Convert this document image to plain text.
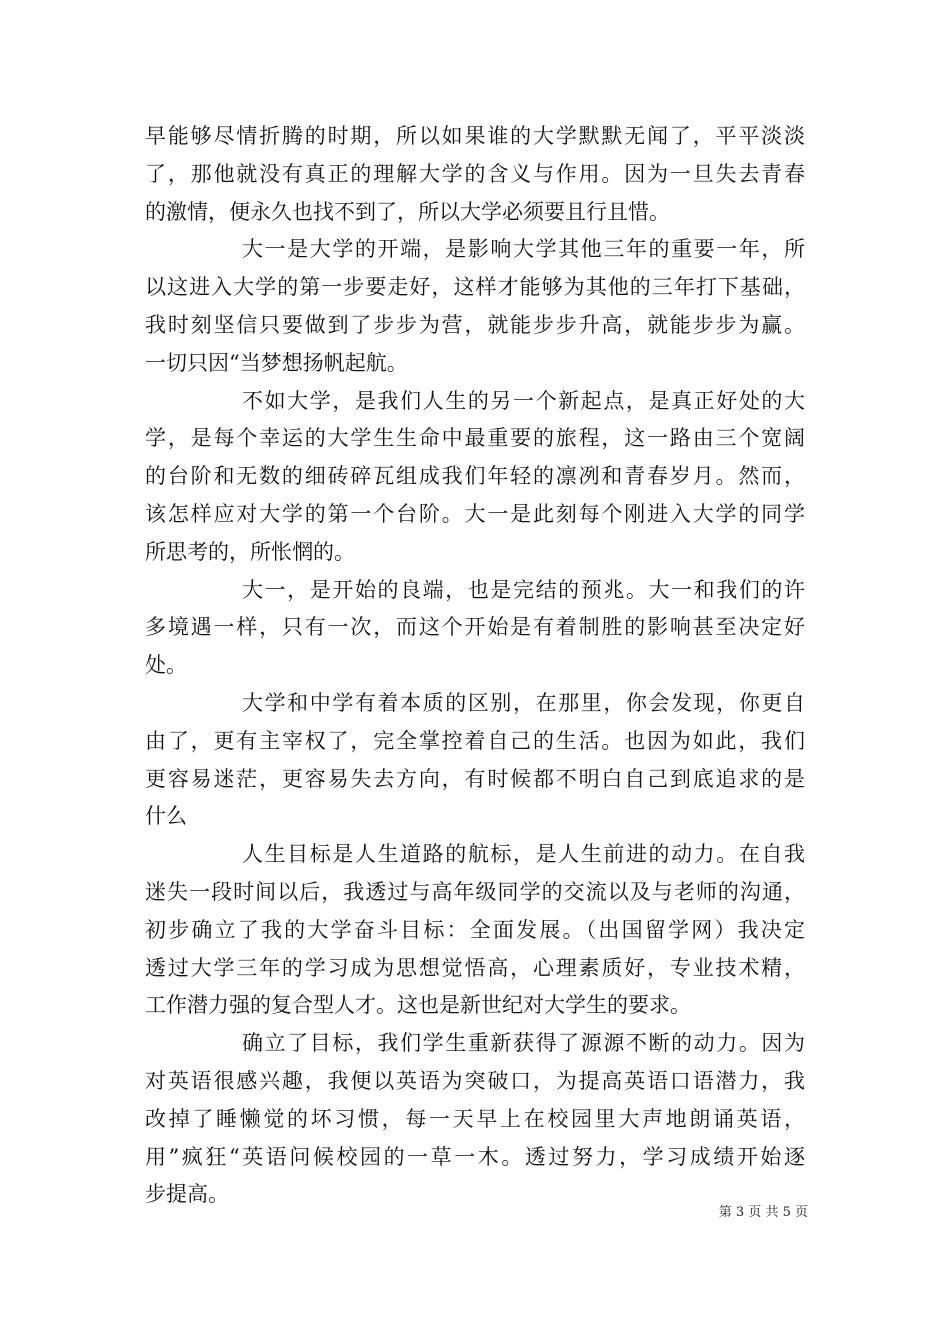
早能够尽情折腾的时期，所以如果谁的大学默默无闻了，平平淡淡
了，那他就没有真正的理解大学的含义与作用。因为一旦失去青春
的激情，便永久也找不到了，所以大学必须要且行且惜。
大一是大学的开端，是影响大学其他三年的重要一年，所
以这进入大学的第一步要走好，这样才能够为其他的三年打下基础，
我时刻坚信只要做到了步步为营，就能步步升高，就能步步为赢。
一切只因“当梦想扬帆起航。
不如大学，是我们人生的另一个新起点，是真正好处的大
学，是每个幸运的大学生生命中最重要的旅程，这一路由三个宽阔
的台阶和无数的细砖碎瓦组成我们年轻的凛冽和青春岁月。然而，
该怎样应对大学的第一个台阶。大一是此刻每个刚进入大学的同学
所思考的，所怅惘的。
大一，是开始的良端，也是完结的预兆。大一和我们的许
多境遇一样，只有一次，而这个开始是有着制胜的影响甚至决定好
处。
大学和中学有着本质的区别，在那里，你会发现，你更自
由了，更有主宰权了，完全掌控着自己的生活。也因为如此，我们
更容易迷茫，更容易失去方向，有时候都不明白自己到底追求的是
什么
人生目标是人生道路的航标，是人生前进的动力。在自我
迷失一段时间以后，我透过与高年级同学的交流以及与老师的沟通，
初步确立了我的大学奋斗目标：全面发展。（出国留学网）我决定
透过大学三年的学习成为思想觉悟高，心理素质好，专业技术精，
工作潜力强的复合型人才。这也是新世纪对大学生的要求。
确立了目标，我们学生重新获得了源源不断的动力。因为
对英语很感兴趣，我便以英语为突破口，为提高英语口语潜力，我
改掉了睡懒觉的坏习惯，每一天早上在校园里大声地朗诵英语，
用”疯狂“英语问候校园的一草一木。透过努力，学习成绩开始逐
步提高。
第 3 页 共 5 页
